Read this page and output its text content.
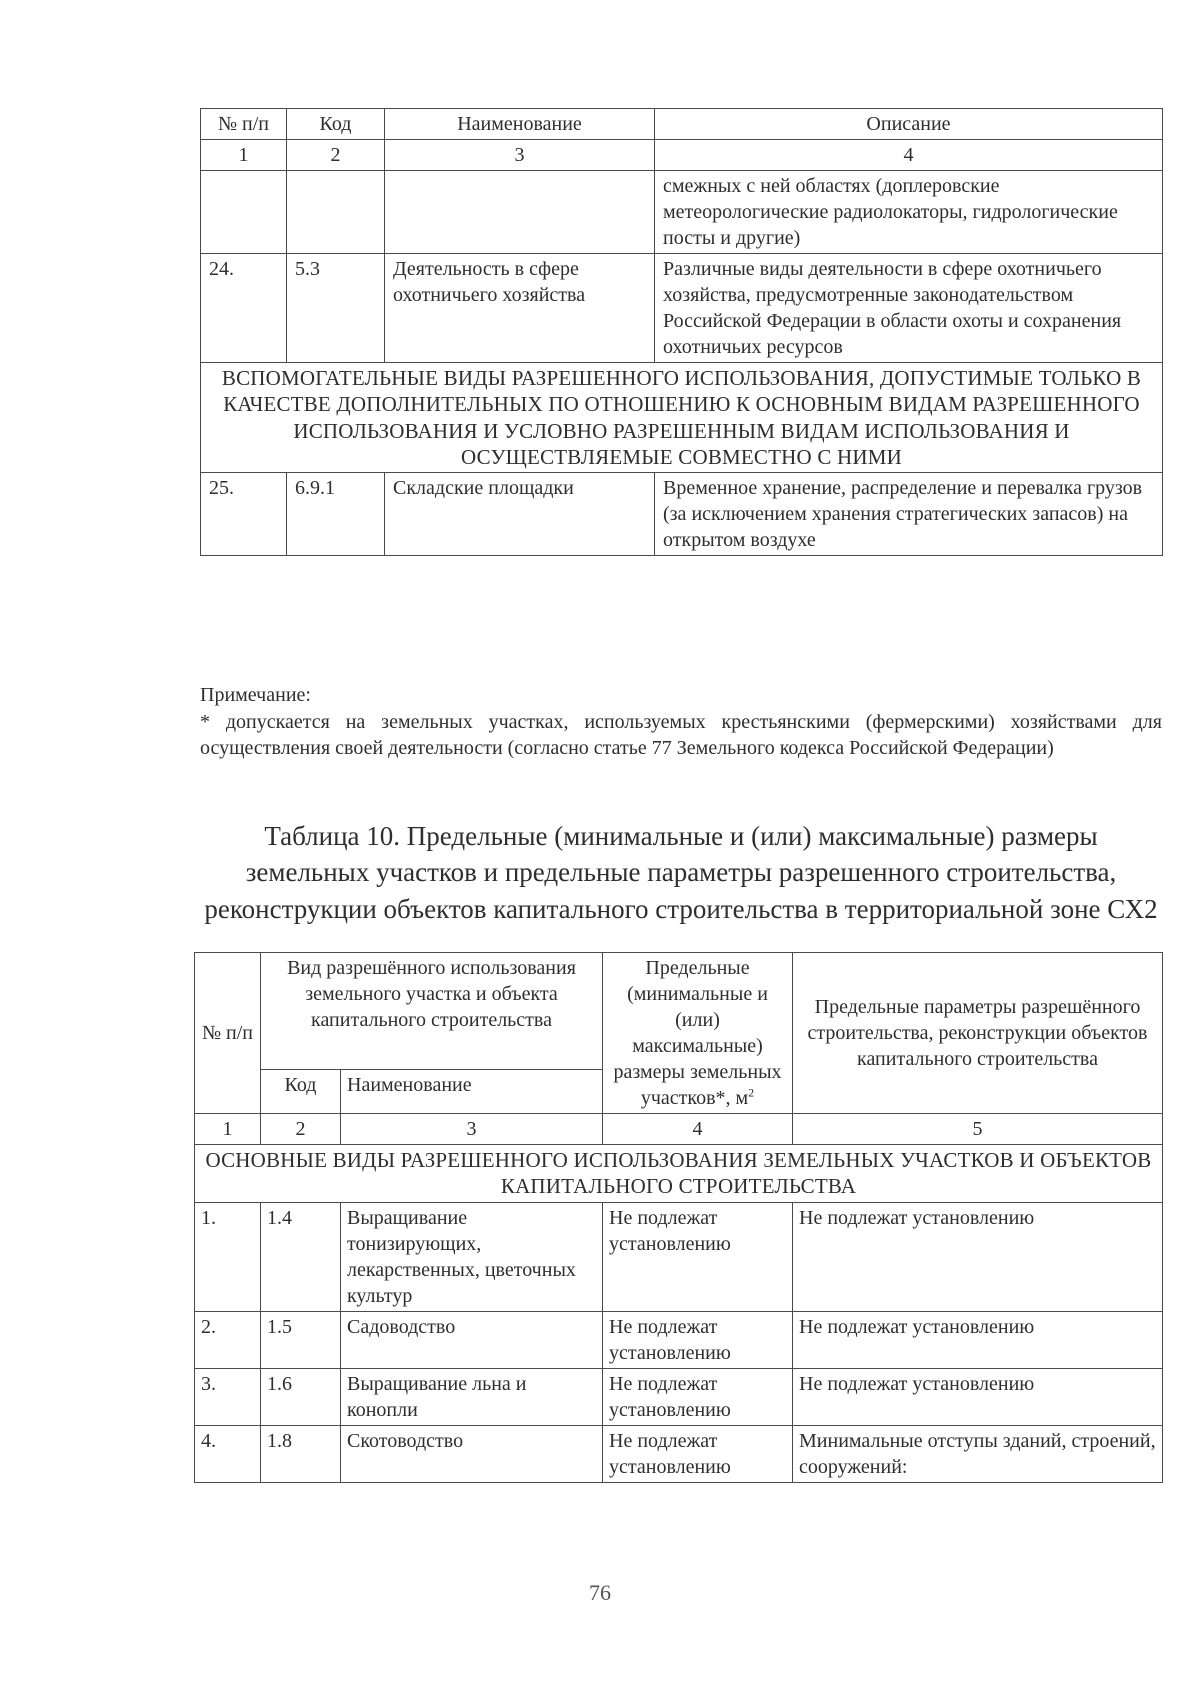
№ п/п	Код	Наименование	Описание
1	2	3	4
			смежных с ней областях (доплеровские метеорологические радиолокаторы, гидрологические посты и другие)
24.	5.3	Деятельность в сфере охотничьего хозяйства	Различные виды деятельности в сфере охотничьего хозяйства, предусмотренные законодательством Российской Федерации в области охоты и сохранения охотничьих ресурсов
ВСПОМОГАТЕЛЬНЫЕ ВИДЫ РАЗРЕШЕННОГО ИСПОЛЬЗОВАНИЯ, ДОПУСТИМЫЕ ТОЛЬКО В КАЧЕСТВЕ ДОПОЛНИТЕЛЬНЫХ ПО ОТНОШЕНИЮ К ОСНОВНЫМ ВИДАМ РАЗРЕШЕННОГО ИСПОЛЬЗОВАНИЯ И УСЛОВНО РАЗРЕШЕННЫМ ВИДАМ ИСПОЛЬЗОВАНИЯ И ОСУЩЕСТВЛЯЕМЫЕ СОВМЕСТНО С НИМИ			
25.	6.9.1	Складские площадки	Временное хранение, распределение и перевалка грузов (за исключением хранения стратегических запасов) на открытом воздухе

Примечание:

* допускается на земельных участках, используемых крестьянскими (фермерскими) хозяйствами для осуществления своей деятельности (согласно статье 77 Земельного кодекса Российской Федерации)

Таблица 10. Предельные (минимальные и (или) максимальные) размеры земельных участков и предельные параметры разрешенного строительства, реконструкции объектов капитального строительства в территориальной зоне СХ2
№ п/п	Вид разрешённого использования земельного участка и объекта капитального строительства		Предельные (минимальные и (или) максимальные) размеры земельных участков*, $м^2$	Предельные параметры разрешённого строительства, реконструкции объектов капитального строительства
	Код	Наименование		
1	2	3	4	5
ОСНОВНЫЕ ВИДЫ РАЗРЕШЕННОГО ИСПОЛЬЗОВАНИЯ ЗЕМЕЛЬНЫХ УЧАСТКОВ И ОБЪЕКТОВ КАПИТАЛЬНОГО СТРОИТЕЛЬСТВА				
1.	1.4	Выращивание тонизирующих, лекарственных, цветочных культур	Не подлежат установлению	Не подлежат установлению
2.	1.5	Садоводство	Не подлежат установлению	Не подлежат установлению
3.	1.6	Выращивание льна и конопли	Не подлежат установлению	Не подлежат установлению
4.	1.8	Скотоводство	Не подлежат установлению	Минимальные отступы зданий, строений, сооружений:
76
